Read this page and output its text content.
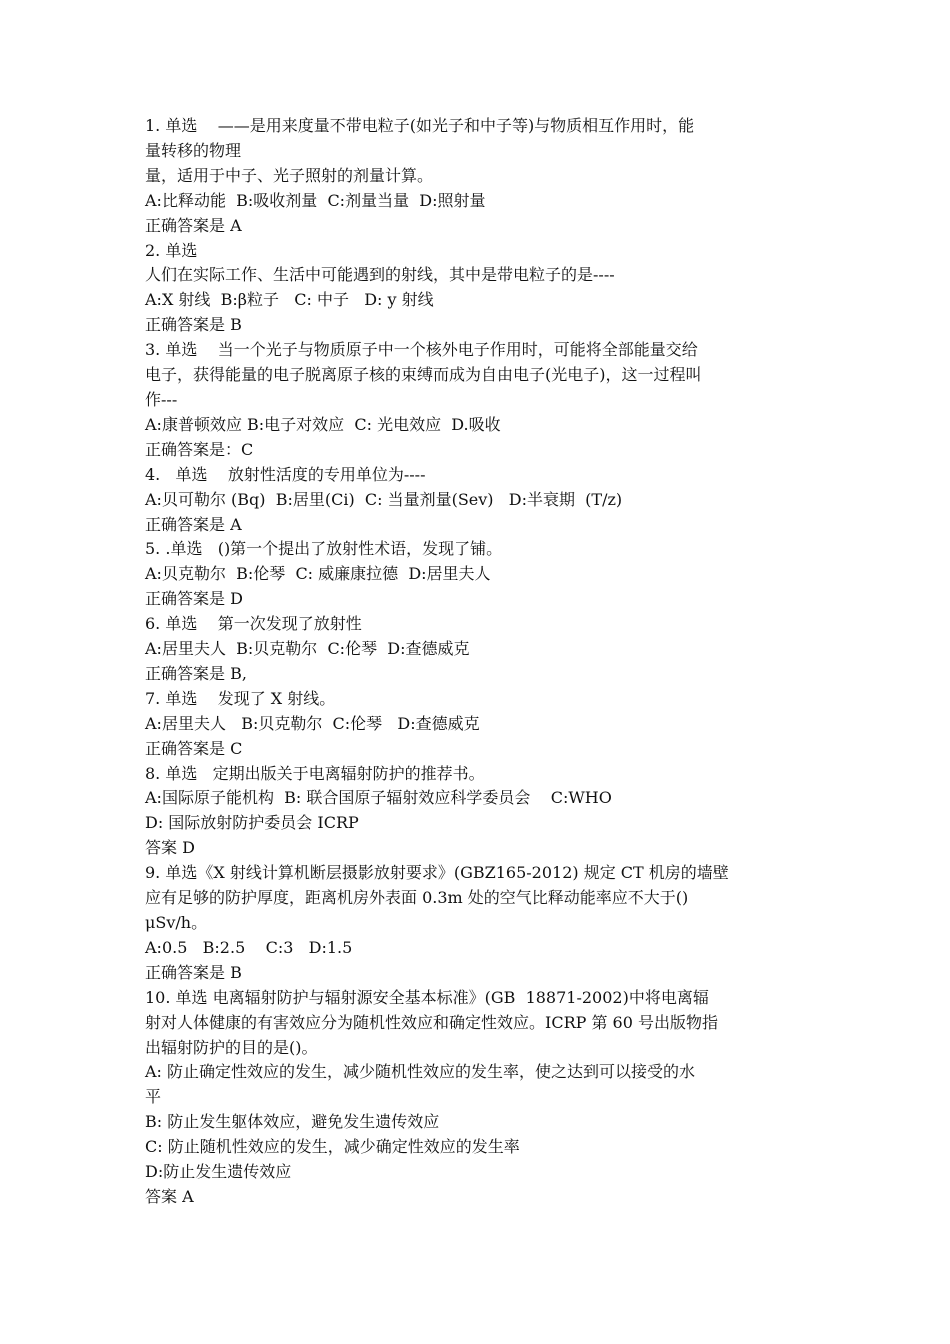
1. 单选    ——是用来度量不带电粒子(如光子和中子等)与物质相互作用时，能

量转移的物理

量，适用于中子、光子照射的剂量计算。

A:比释动能  B:吸收剂量  C:剂量当量  D:照射量

正确答案是 A

2. 单选

人们在实际工作、生活中可能遇到的射线，其中是带电粒子的是----

A:X 射线  B:β粒子   C: 中子   D: y 射线

正确答案是 B

3. 单选    当一个光子与物质原子中一个核外电子作用时，可能将全部能量交给

电子，获得能量的电子脱离原子核的束缚而成为自由电子(光电子)，这一过程叫

作---

A:康普顿效应 B:电子对效应  C: 光电效应  D.吸收

正确答案是：C

4.   单选    放射性活度的专用单位为----

A:贝可勒尔 (Bq)  B:居里(Ci)  C: 当量剂量(Sev)   D:半衰期  (T/z)

正确答案是 A

5. .单选   ()第一个提出了放射性术语，发现了铺。

A:贝克勒尔  B:伦琴  C: 威廉康拉德  D:居里夫人

正确答案是 D

6. 单选    第一次发现了放射性

A:居里夫人  B:贝克勒尔  C:伦琴  D:查德威克

正确答案是 B,

7. 单选    发现了 X 射线。

A:居里夫人   B:贝克勒尔  C:伦琴   D:查德威克

正确答案是 C

8. 单选   定期出版关于电离辐射防护的推荐书。

A:国际原子能机构  B: 联合国原子辐射效应科学委员会    C:WHO

D: 国际放射防护委员会 ICRP

答案 D

9. 单选《X 射线计算机断层摄影放射要求》(GBZ165-2012) 规定 CT 机房的墙壁

应有足够的防护厚度，距离机房外表面 0.3m 处的空气比释动能率应不大于()

μSv/h。

A:0.5   B:2.5    C:3   D:1.5

正确答案是 B

10. 单选 电离辐射防护与辐射源安全基本标准》(GB  18871-2002)中将电离辐

射对人体健康的有害效应分为随机性效应和确定性效应。ICRP 第 60 号出版物指

出辐射防护的目的是()。

A: 防止确定性效应的发生，减少随机性效应的发生率，使之达到可以接受的水

平

B: 防止发生躯体效应，避免发生遗传效应

C: 防止随机性效应的发生，减少确定性效应的发生率

D:防止发生遗传效应

答案 A
